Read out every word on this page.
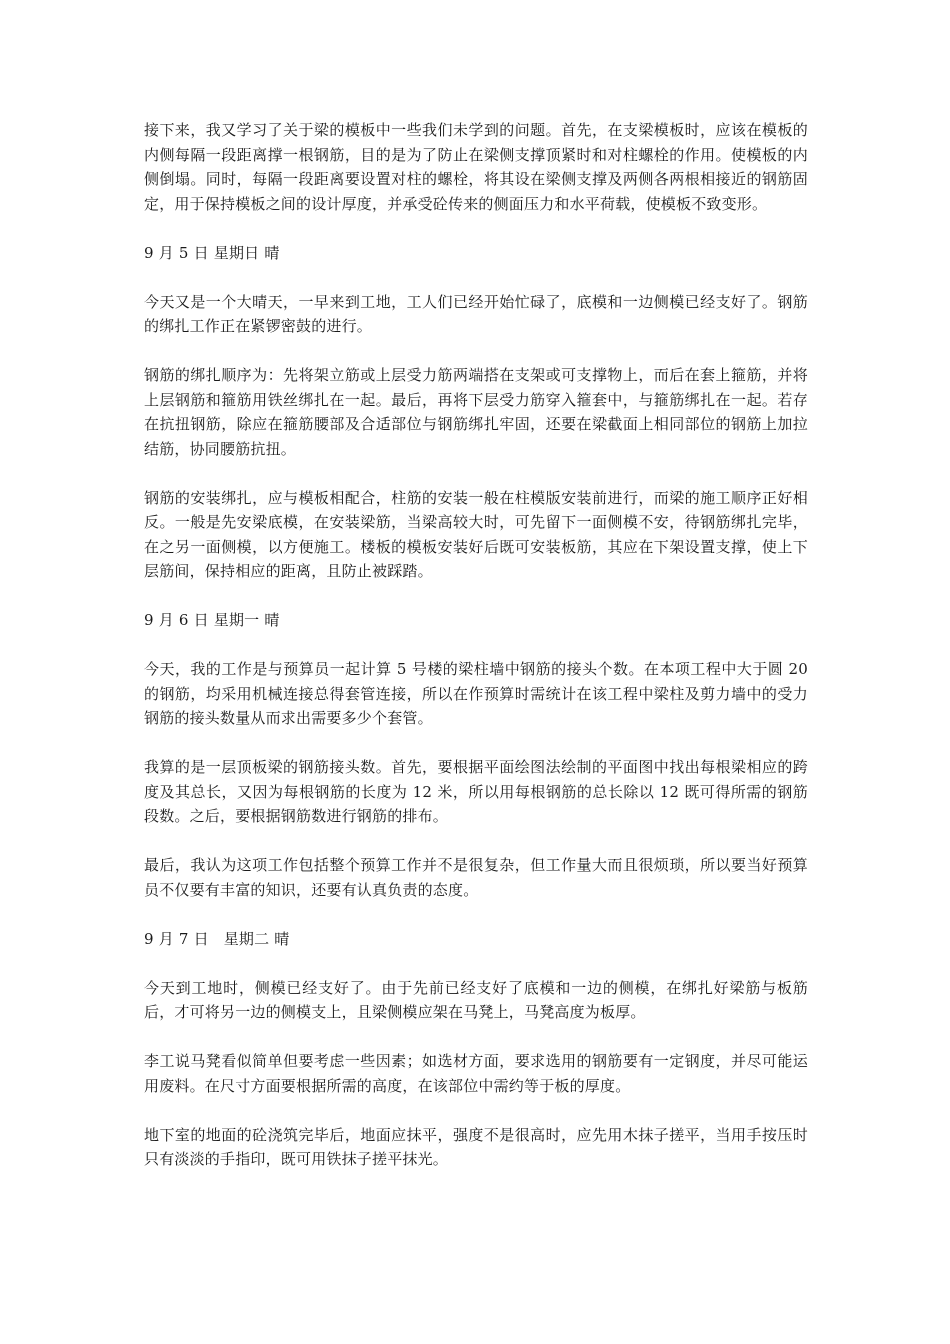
接下来，我又学习了关于梁的模板中一些我们未学到的问题。首先，在支梁模板时，应该在模板的内侧每隔一段距离撑一根钢筋，目的是为了防止在梁侧支撑顶紧时和对柱螺栓的作用。使模板的内侧倒塌。同时，每隔一段距离要设置对柱的螺栓，将其设在梁侧支撑及两侧各两根相接近的钢筋固定，用于保持模板之间的设计厚度，并承受砼传来的侧面压力和水平荷载，使模板不致变形。

9 月 5 日 星期日 晴

今天又是一个大晴天，一早来到工地，工人们已经开始忙碌了，底模和一边侧模已经支好了。钢筋的绑扎工作正在紧锣密鼓的进行。

钢筋的绑扎顺序为：先将架立筋或上层受力筋两端搭在支架或可支撑物上，而后在套上箍筋，并将上层钢筋和箍筋用铁丝绑扎在一起。最后，再将下层受力筋穿入箍套中，与箍筋绑扎在一起。若存在抗扭钢筋，除应在箍筋腰部及合适部位与钢筋绑扎牢固，还要在梁截面上相同部位的钢筋上加拉结筋，协同腰筋抗扭。

钢筋的安装绑扎，应与模板相配合，柱筋的安装一般在柱模版安装前进行，而梁的施工顺序正好相反。一般是先安梁底模，在安装梁筋，当梁高较大时，可先留下一面侧模不安，待钢筋绑扎完毕，在之另一面侧模，以方便施工。楼板的模板安装好后既可安装板筋，其应在下架设置支撑，使上下层筋间，保持相应的距离，且防止被踩踏。

9 月 6 日 星期一 晴

今天，我的工作是与预算员一起计算 5 号楼的梁柱墙中钢筋的接头个数。在本项工程中大于圆 20 的钢筋，均采用机械连接总得套管连接，所以在作预算时需统计在该工程中梁柱及剪力墙中的受力钢筋的接头数量从而求出需要多少个套管。

我算的是一层顶板梁的钢筋接头数。首先，要根据平面绘图法绘制的平面图中找出每根梁相应的跨度及其总长，又因为每根钢筋的长度为 12 米，所以用每根钢筋的总长除以 12 既可得所需的钢筋段数。之后，要根据钢筋数进行钢筋的排布。

最后，我认为这项工作包括整个预算工作并不是很复杂，但工作量大而且很烦琐，所以要当好预算员不仅要有丰富的知识，还要有认真负责的态度。

9 月 7 日   星期二 晴

今天到工地时，侧模已经支好了。由于先前已经支好了底模和一边的侧模，在绑扎好梁筋与板筋后，才可将另一边的侧模支上，且梁侧模应架在马凳上，马凳高度为板厚。

李工说马凳看似简单但要考虑一些因素；如选材方面，要求选用的钢筋要有一定钢度，并尽可能运用废料。在尺寸方面要根据所需的高度，在该部位中需约等于板的厚度。

地下室的地面的砼浇筑完毕后，地面应抹平，强度不是很高时，应先用木抹子搓平，当用手按压时只有淡淡的手指印，既可用铁抹子搓平抹光。
